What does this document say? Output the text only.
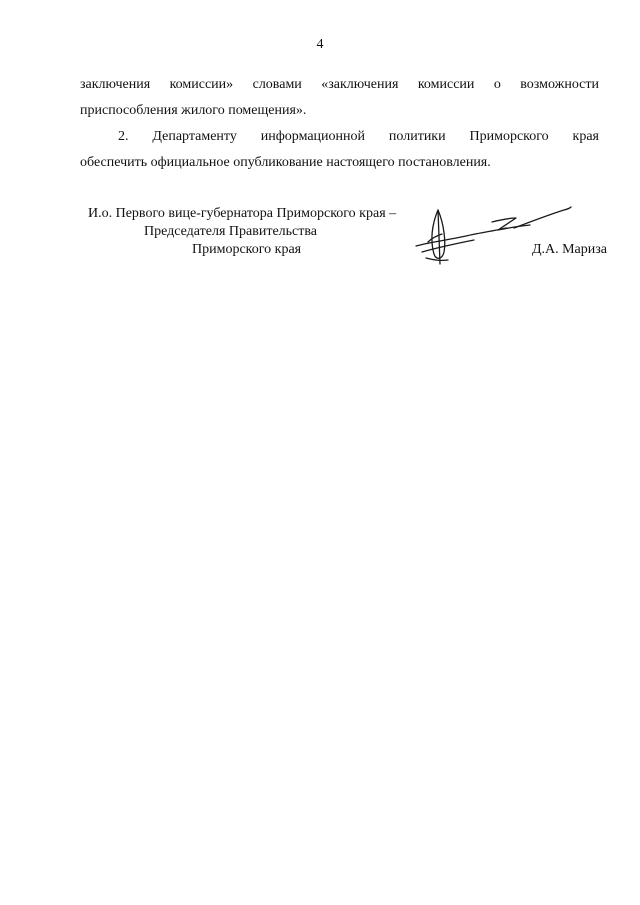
4

заключения комиссии» словами «заключения комиссии о возможности
приспособления жилого помещения».

2. Департаменту информационной политики Приморского края
обеспечить официальное опубликование настоящего постановления.

И.о. Первого вице-губернатора Приморского края –
Председателя Правительства
Приморского края	Д.А. Мариза
